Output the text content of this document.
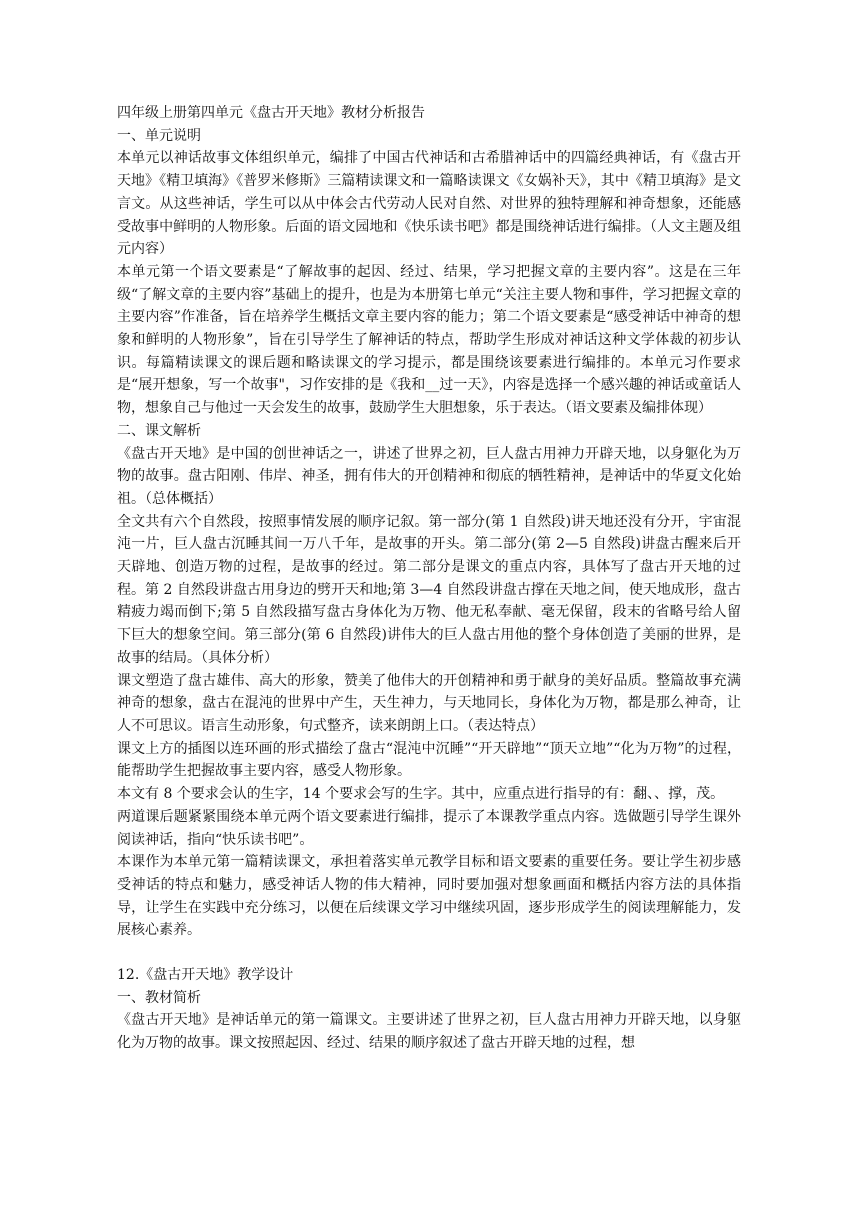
四年级上册第四单元《盘古开天地》教材分析报告

一、单元说明

本单元以神话故事文体组织单元，编排了中国古代神话和古希腊神话中的四篇经典神话，有《盘古开天地》《精卫填海》《普罗米修斯》三篇精读课文和一篇略读课文《女娲补天》，其中《精卫填海》是文言文。从这些神话，学生可以从中体会古代劳动人民对自然、对世界的独特理解和神奇想象，还能感受故事中鲜明的人物形象。后面的语文园地和《快乐读书吧》都是围绕神话进行编排。（人文主题及组元内容）

本单元第一个语文要素是“了解故事的起因、经过、结果，学习把握文章的主要内容”。这是在三年级“了解文章的主要内容”基础上的提升，也是为本册第七单元“关注主要人物和事件，学习把握文章的主要内容”作准备，旨在培养学生概括文章主要内容的能力；第二个语文要素是“感受神话中神奇的想象和鲜明的人物形象”，旨在引导学生了解神话的特点，帮助学生形成对神话这种文学体裁的初步认识。每篇精读课文的课后题和略读课文的学习提示，都是围绕该要素进行编排的。本单元习作要求是“展开想象，写一个故事"，习作安排的是《我和__过一天》，内容是选择一个感兴趣的神话或童话人物，想象自己与他过一天会发生的故事，鼓励学生大胆想象，乐于表达。（语文要素及编排体现）

二、课文解析

《盘古开天地》是中国的创世神话之一，讲述了世界之初，巨人盘古用神力开辟天地，以身躯化为万物的故事。盘古阳刚、伟岸、神圣，拥有伟大的开创精神和彻底的牺牲精神，是神话中的华夏文化始祖。（总体概括）

全文共有六个自然段，按照事情发展的顺序记叙。第一部分(第 1 自然段)讲天地还没有分开，宇宙混沌一片，巨人盘古沉睡其间一万八千年，是故事的开头。第二部分(第 2—5 自然段)讲盘古醒来后开天辟地、创造万物的过程，是故事的经过。第二部分是课文的重点内容，具体写了盘古开天地的过程。第 2 自然段讲盘古用身边的劈开天和地;第 3—4 自然段讲盘古撑在天地之间，使天地成形，盘古精疲力竭而倒下;第 5 自然段描写盘古身体化为万物、他无私奉献、毫无保留，段末的省略号给人留下巨大的想象空间。第三部分(第 6 自然段)讲伟大的巨人盘古用他的整个身体创造了美丽的世界，是故事的结局。（具体分析）

课文塑造了盘古雄伟、高大的形象，赞美了他伟大的开创精神和勇于献身的美好品质。整篇故事充满神奇的想象，盘古在混沌的世界中产生，天生神力，与天地同长，身体化为万物，都是那么神奇，让人不可思议。语言生动形象，句式整齐，读来朗朗上口。（表达特点）

课文上方的插图以连环画的形式描绘了盘古“混沌中沉睡”“开天辟地”“顶天立地”“化为万物”的过程，能帮助学生把握故事主要内容，感受人物形象。

本文有 8 个要求会认的生字，14 个要求会写的生字。其中，应重点进行指导的有：翻、、撑，茂。

两道课后题紧紧围绕本单元两个语文要素进行编排，提示了本课教学重点内容。选做题引导学生课外阅读神话，指向“快乐读书吧”。

本课作为本单元第一篇精读课文，承担着落实单元教学目标和语文要素的重要任务。要让学生初步感受神话的特点和魅力，感受神话人物的伟大精神，同时要加强对想象画面和概括内容方法的具体指导，让学生在实践中充分练习，以便在后续课文学习中继续巩固，逐步形成学生的阅读理解能力，发展核心素养。

12.《盘古开天地》教学设计

一、教材简析

《盘古开天地》是神话单元的第一篇课文。主要讲述了世界之初，巨人盘古用神力开辟天地，以身躯化为万物的故事。课文按照起因、经过、结果的顺序叙述了盘古开辟天地的过程，想
